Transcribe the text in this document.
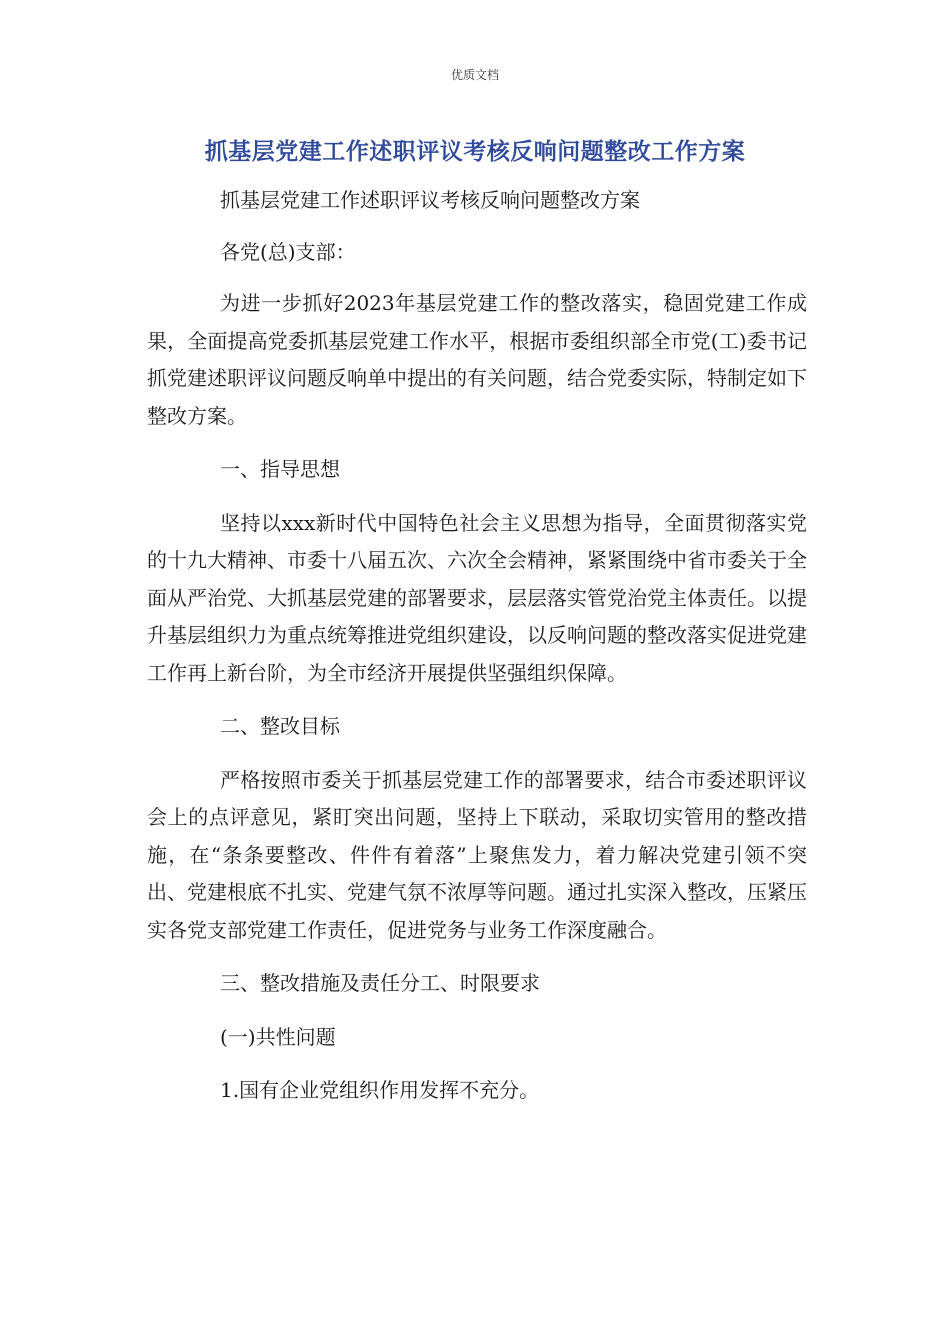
优质文档
抓基层党建工作述职评议考核反响问题整改工作方案

抓基层党建工作述职评议考核反响问题整改方案

各党(总)支部：

为进一步抓好2023年基层党建工作的整改落实，稳固党建工作成果，全面提高党委抓基层党建工作水平，根据市委组织部全市党(工)委书记抓党建述职评议问题反响单中提出的有关问题，结合党委实际，特制定如下整改方案。

一、指导思想

坚持以xxx新时代中国特色社会主义思想为指导，全面贯彻落实党的十九大精神、市委十八届五次、六次全会精神，紧紧围绕中省市委关于全面从严治党、大抓基层党建的部署要求，层层落实管党治党主体责任。以提升基层组织力为重点统筹推进党组织建设，以反响问题的整改落实促进党建工作再上新台阶，为全市经济开展提供坚强组织保障。

二、整改目标

严格按照市委关于抓基层党建工作的部署要求，结合市委述职评议会上的点评意见，紧盯突出问题，坚持上下联动，采取切实管用的整改措施，在“条条要整改、件件有着落”上聚焦发力，着力解决党建引领不突出、党建根底不扎实、党建气氛不浓厚等问题。通过扎实深入整改，压紧压实各党支部党建工作责任，促进党务与业务工作深度融合。

三、整改措施及责任分工、时限要求

(一)共性问题

1.国有企业党组织作用发挥不充分。
